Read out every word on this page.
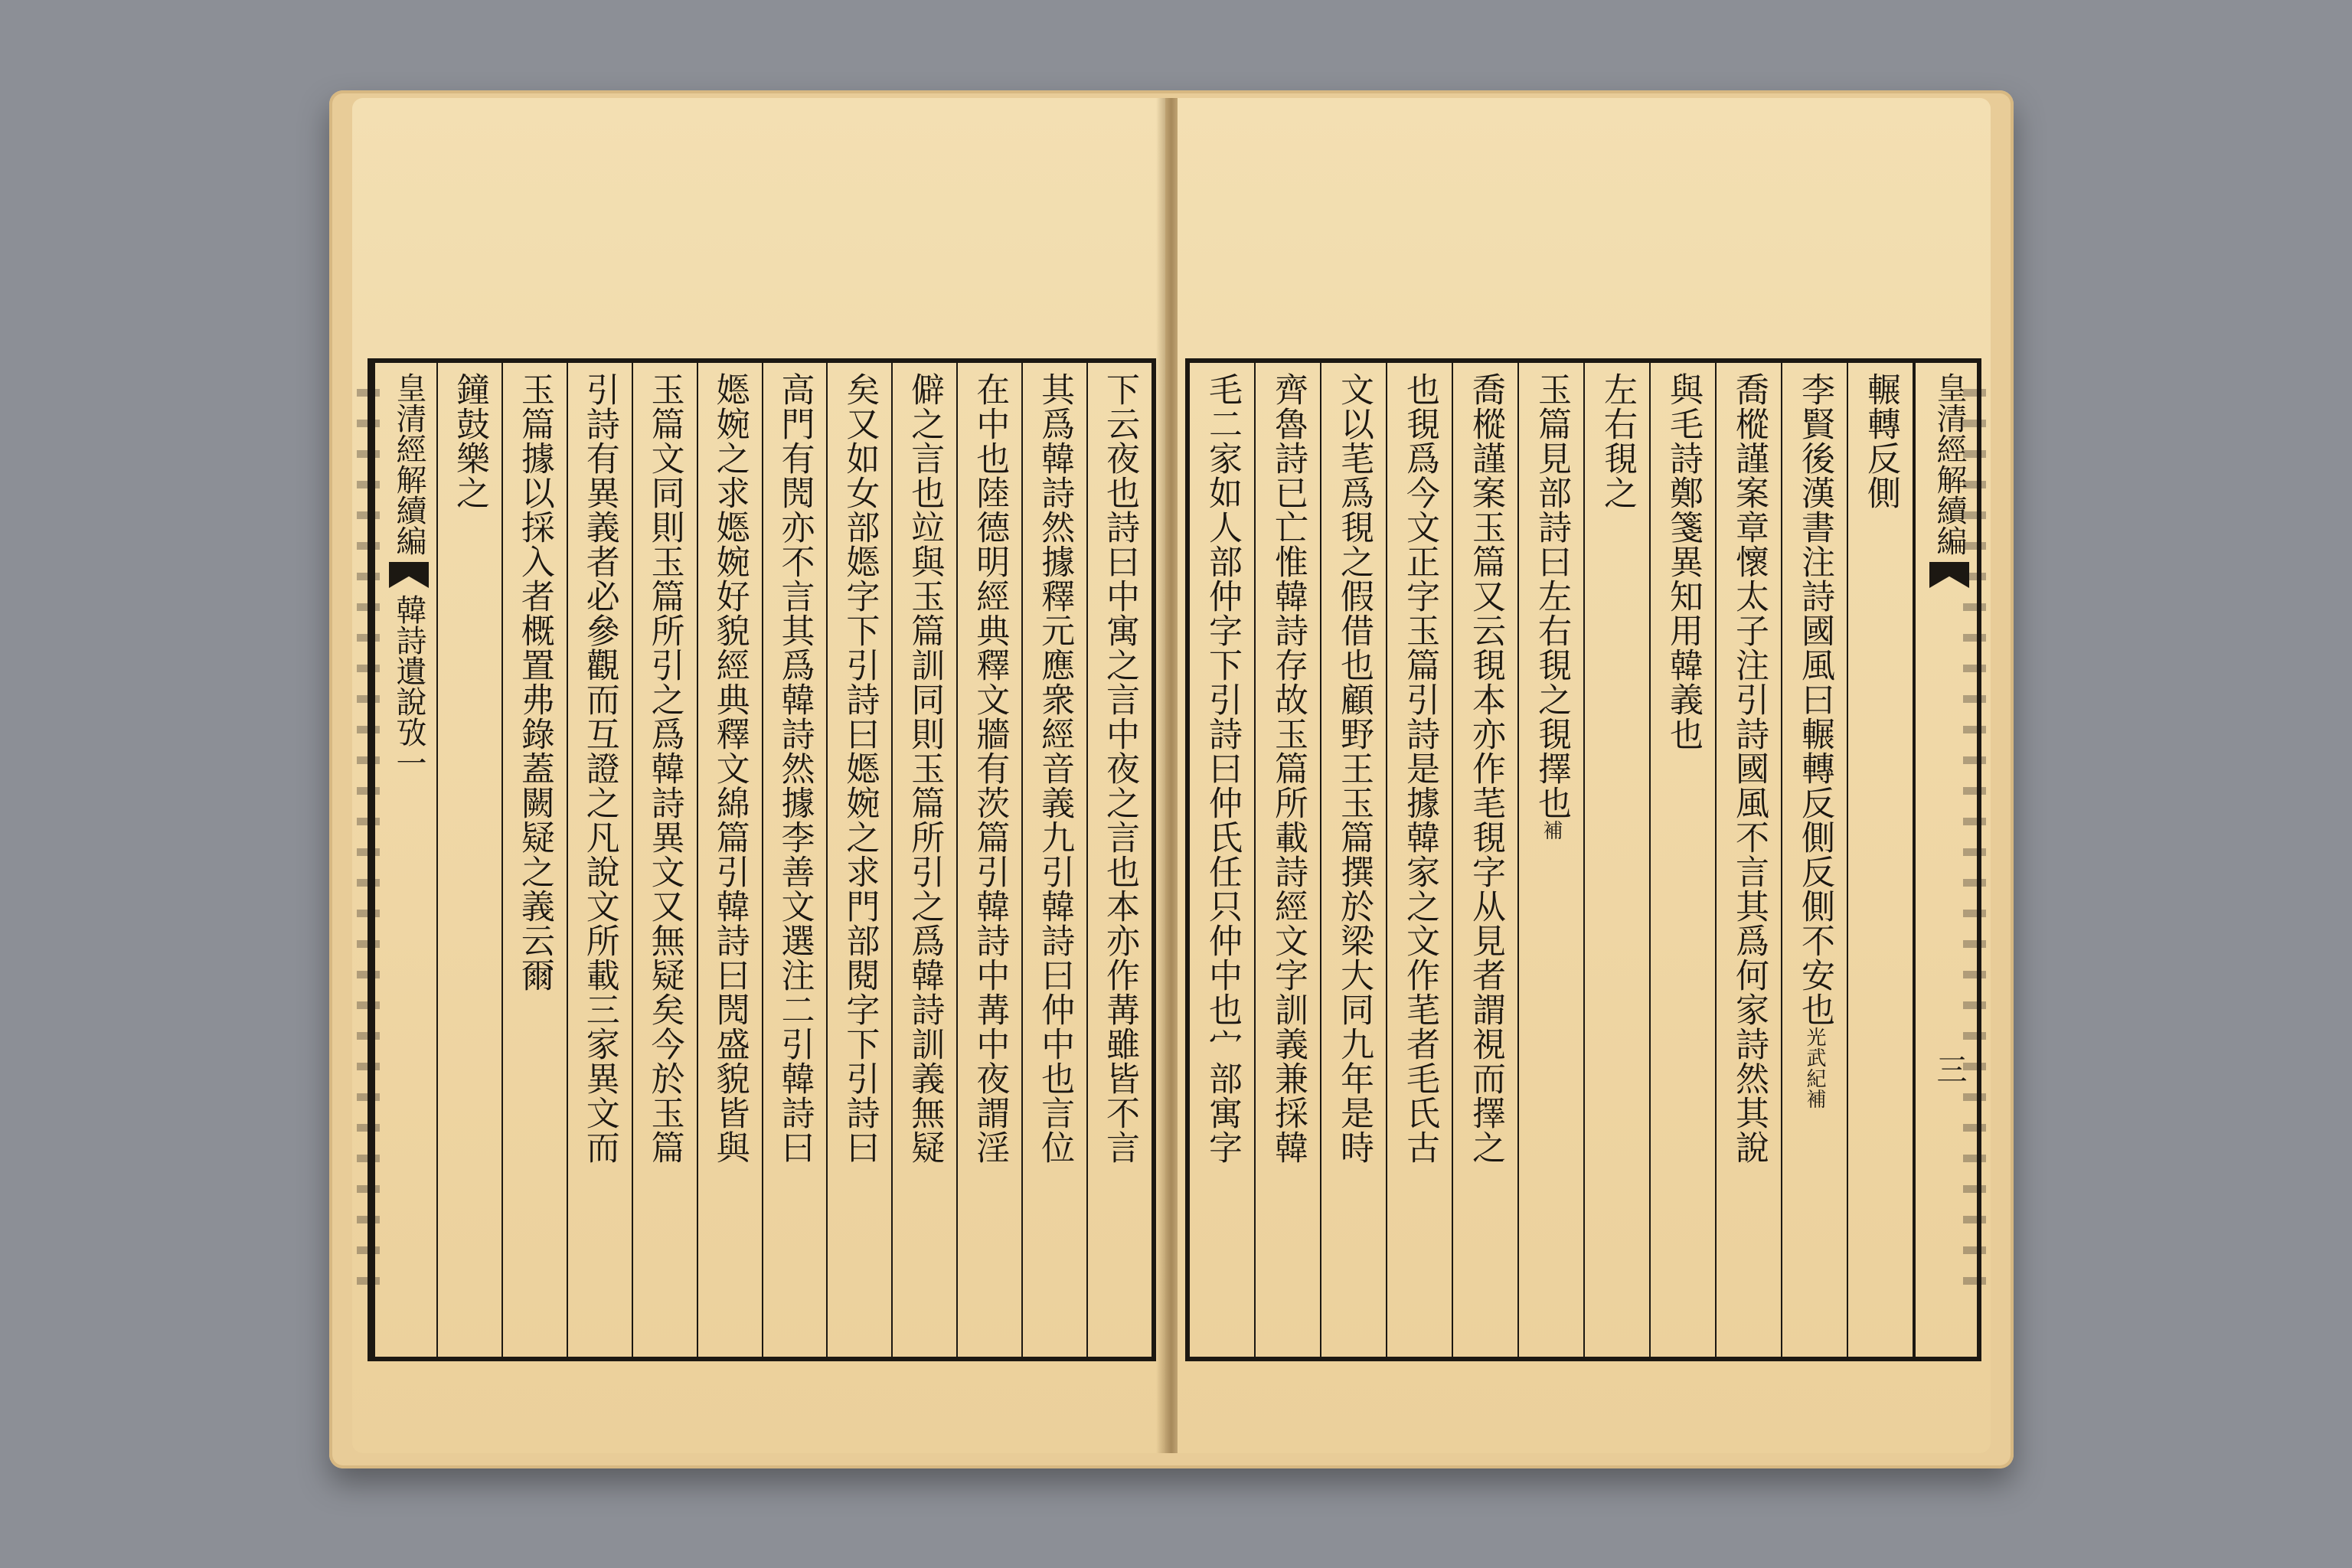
下云夜也詩曰中寓之言中夜之言也本亦作冓雖皆不言
其爲韓詩然據釋元應衆經音義九引韓詩曰仲中也言位
在中也陸德明經典釋文牆有茨篇引韓詩中冓中夜謂淫
僻之言也竝與玉篇訓同則玉篇所引之爲韓詩訓義無疑
矣又如女部嫕字下引詩曰嫕婉之求門部閱字下引詩曰
高門有閌亦不言其爲韓詩然據李善文選注二引韓詩曰
嫕婉之求嫕婉好貌經典釋文綿篇引韓詩曰閌盛貌皆與
玉篇文同則玉篇所引之爲韓詩異文又無疑矣今於玉篇
引詩有異義者必參觀而互證之凡說文所載三家異文而
玉篇據以採入者概置弗錄蓋闕疑之義云爾
鐘鼓樂之
皇清經解續編韓詩遺說攷一
皇清經解續編三
輾轉反側
李賢後漢書注詩國風曰輾轉反側反側不安也光武紀補
喬樅謹案章懷太子注引詩國風不言其爲何家詩然其說
與毛詩鄭箋異知用韓義也
左右覒之
玉篇見部詩曰左右覒之覒擇也補
喬樅謹案玉篇又云覒本亦作芼覒字从見者謂視而擇之
也覒爲今文正字玉篇引詩是據韓家之文作芼者毛氏古
文以芼爲覒之假借也顧野王玉篇撰於梁大同九年是時
齊魯詩已亡惟韓詩存故玉篇所載詩經文字訓義兼採韓
毛二家如人部仲字下引詩曰仲氏任只仲中也宀部寓字
